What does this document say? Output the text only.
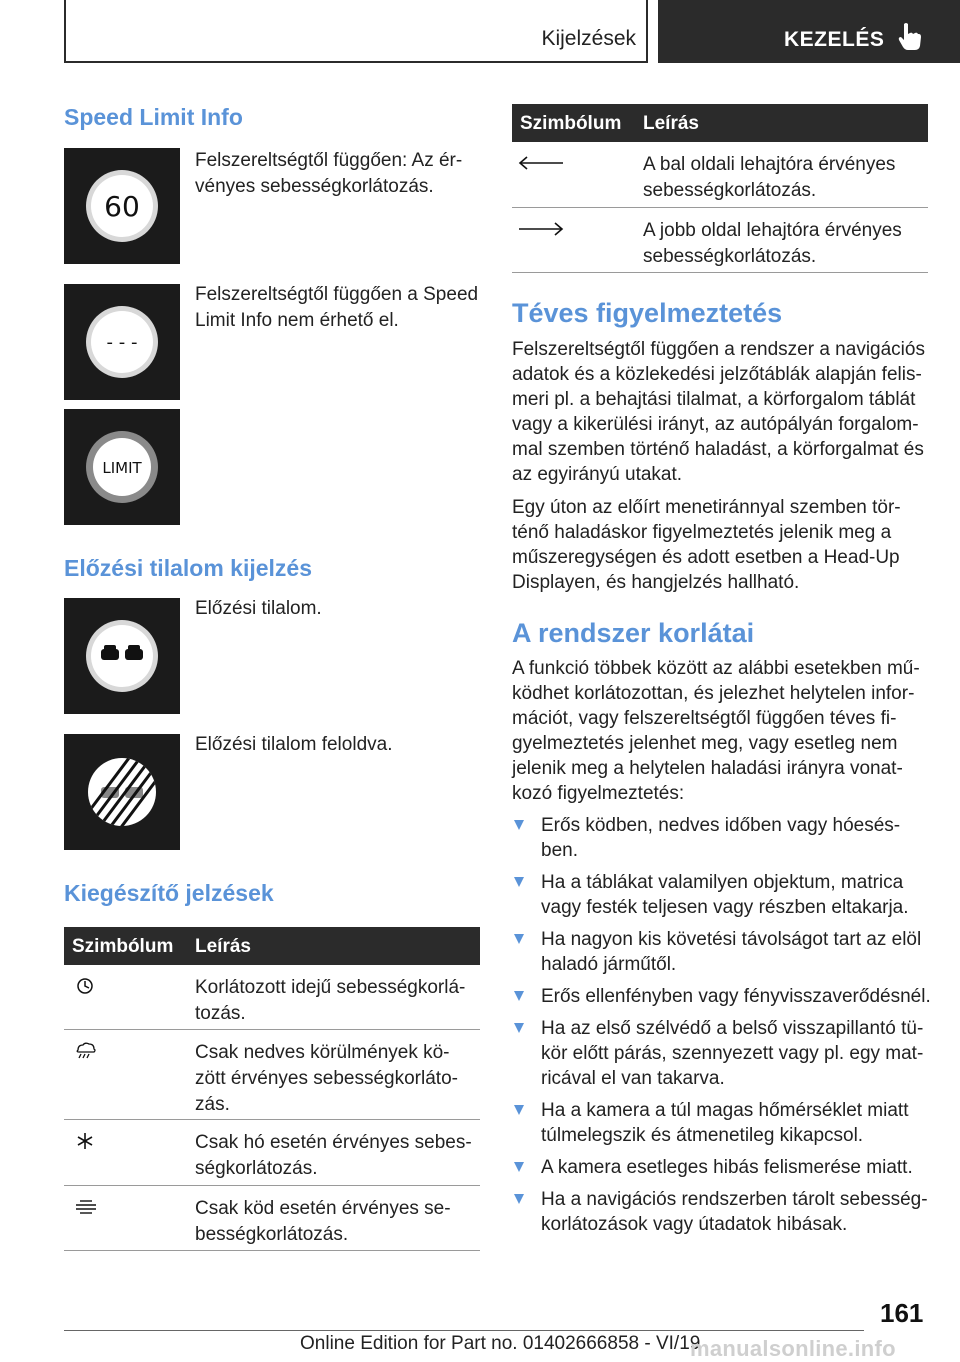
Kijelzések	KEZELÉS
Speed Limit Info
60
Felszereltségtől függően: Az ér-vényes sebességkorlátozás.
- - -
Felszereltségtől függően a Speed Limit Info nem érhető el.
LIMIT
Előzési tilalom kijelzés
Előzési tilalom.
Előzési tilalom feloldva.
Kiegészítő jelzések
Szimbólum Leírás
Korlátozott idejű sebességkorlá-tozás.
Csak nedves körülmények kö-zött érvényes sebességkorláto-zás.
Csak hó esetén érvényes sebes-ségkorlátozás.
Csak köd esetén érvényes se-bességkorlátozás.
Szimbólum Leírás
A bal oldali lehajtóra érvényes sebességkorlátozás.
A jobb oldal lehajtóra érvényes sebességkorlátozás.
Téves figyelmeztetés

Felszereltségtől függően a rendszer a navigációs adatok és a közlekedési jelzőtáblák alapján felis-meri pl. a behajtási tilalmat, a körforgalom táblát vagy a kikerülési irányt, az autópályán forgalom-mal szemben történő haladást, a körforgalmat és az egyirányú utakat.

Egy úton az előírt menetiránnyal szemben tör-ténő haladáskor figyelmeztetés jelenik meg a műszeregységen és adott esetben a Head-Up Displayen, és hangjelzés hallható.

A rendszer korlátai

A funkció többek között az alábbi esetekben mű-ködhet korlátozottan, és jelezhet helytelen infor-mációt, vagy felszereltségtől függően téves fi-gyelmeztetés jelenhet meg, vagy esetleg nem jelenik meg a helytelen haladási irányra vonat-kozó figyelmeztetés:

Erős ködben, nedves időben vagy hóesés-ben.
Ha a táblákat valamilyen objektum, matrica vagy festék teljesen vagy részben eltakarja.
Ha nagyon kis követési távolságot tart az elöl haladó járműtől.
Erős ellenfényben vagy fényvisszaverődésnél.
Ha az első szélvédő a belső visszapillantó tü-kör előtt párás, szennyezett vagy pl. egy mat-ricával el van takarva.
Ha a kamera a túl magas hőmérséklet miatt túlmelegszik és átmenetileg kikapcsol.
A kamera esetleges hibás felismerése miatt.
Ha a navigációs rendszerben tárolt sebesség-korlátozások vagy útadatok hibásak.
161
Online Edition for Part no. 01402666858 - VI/19
manualsonline.info
